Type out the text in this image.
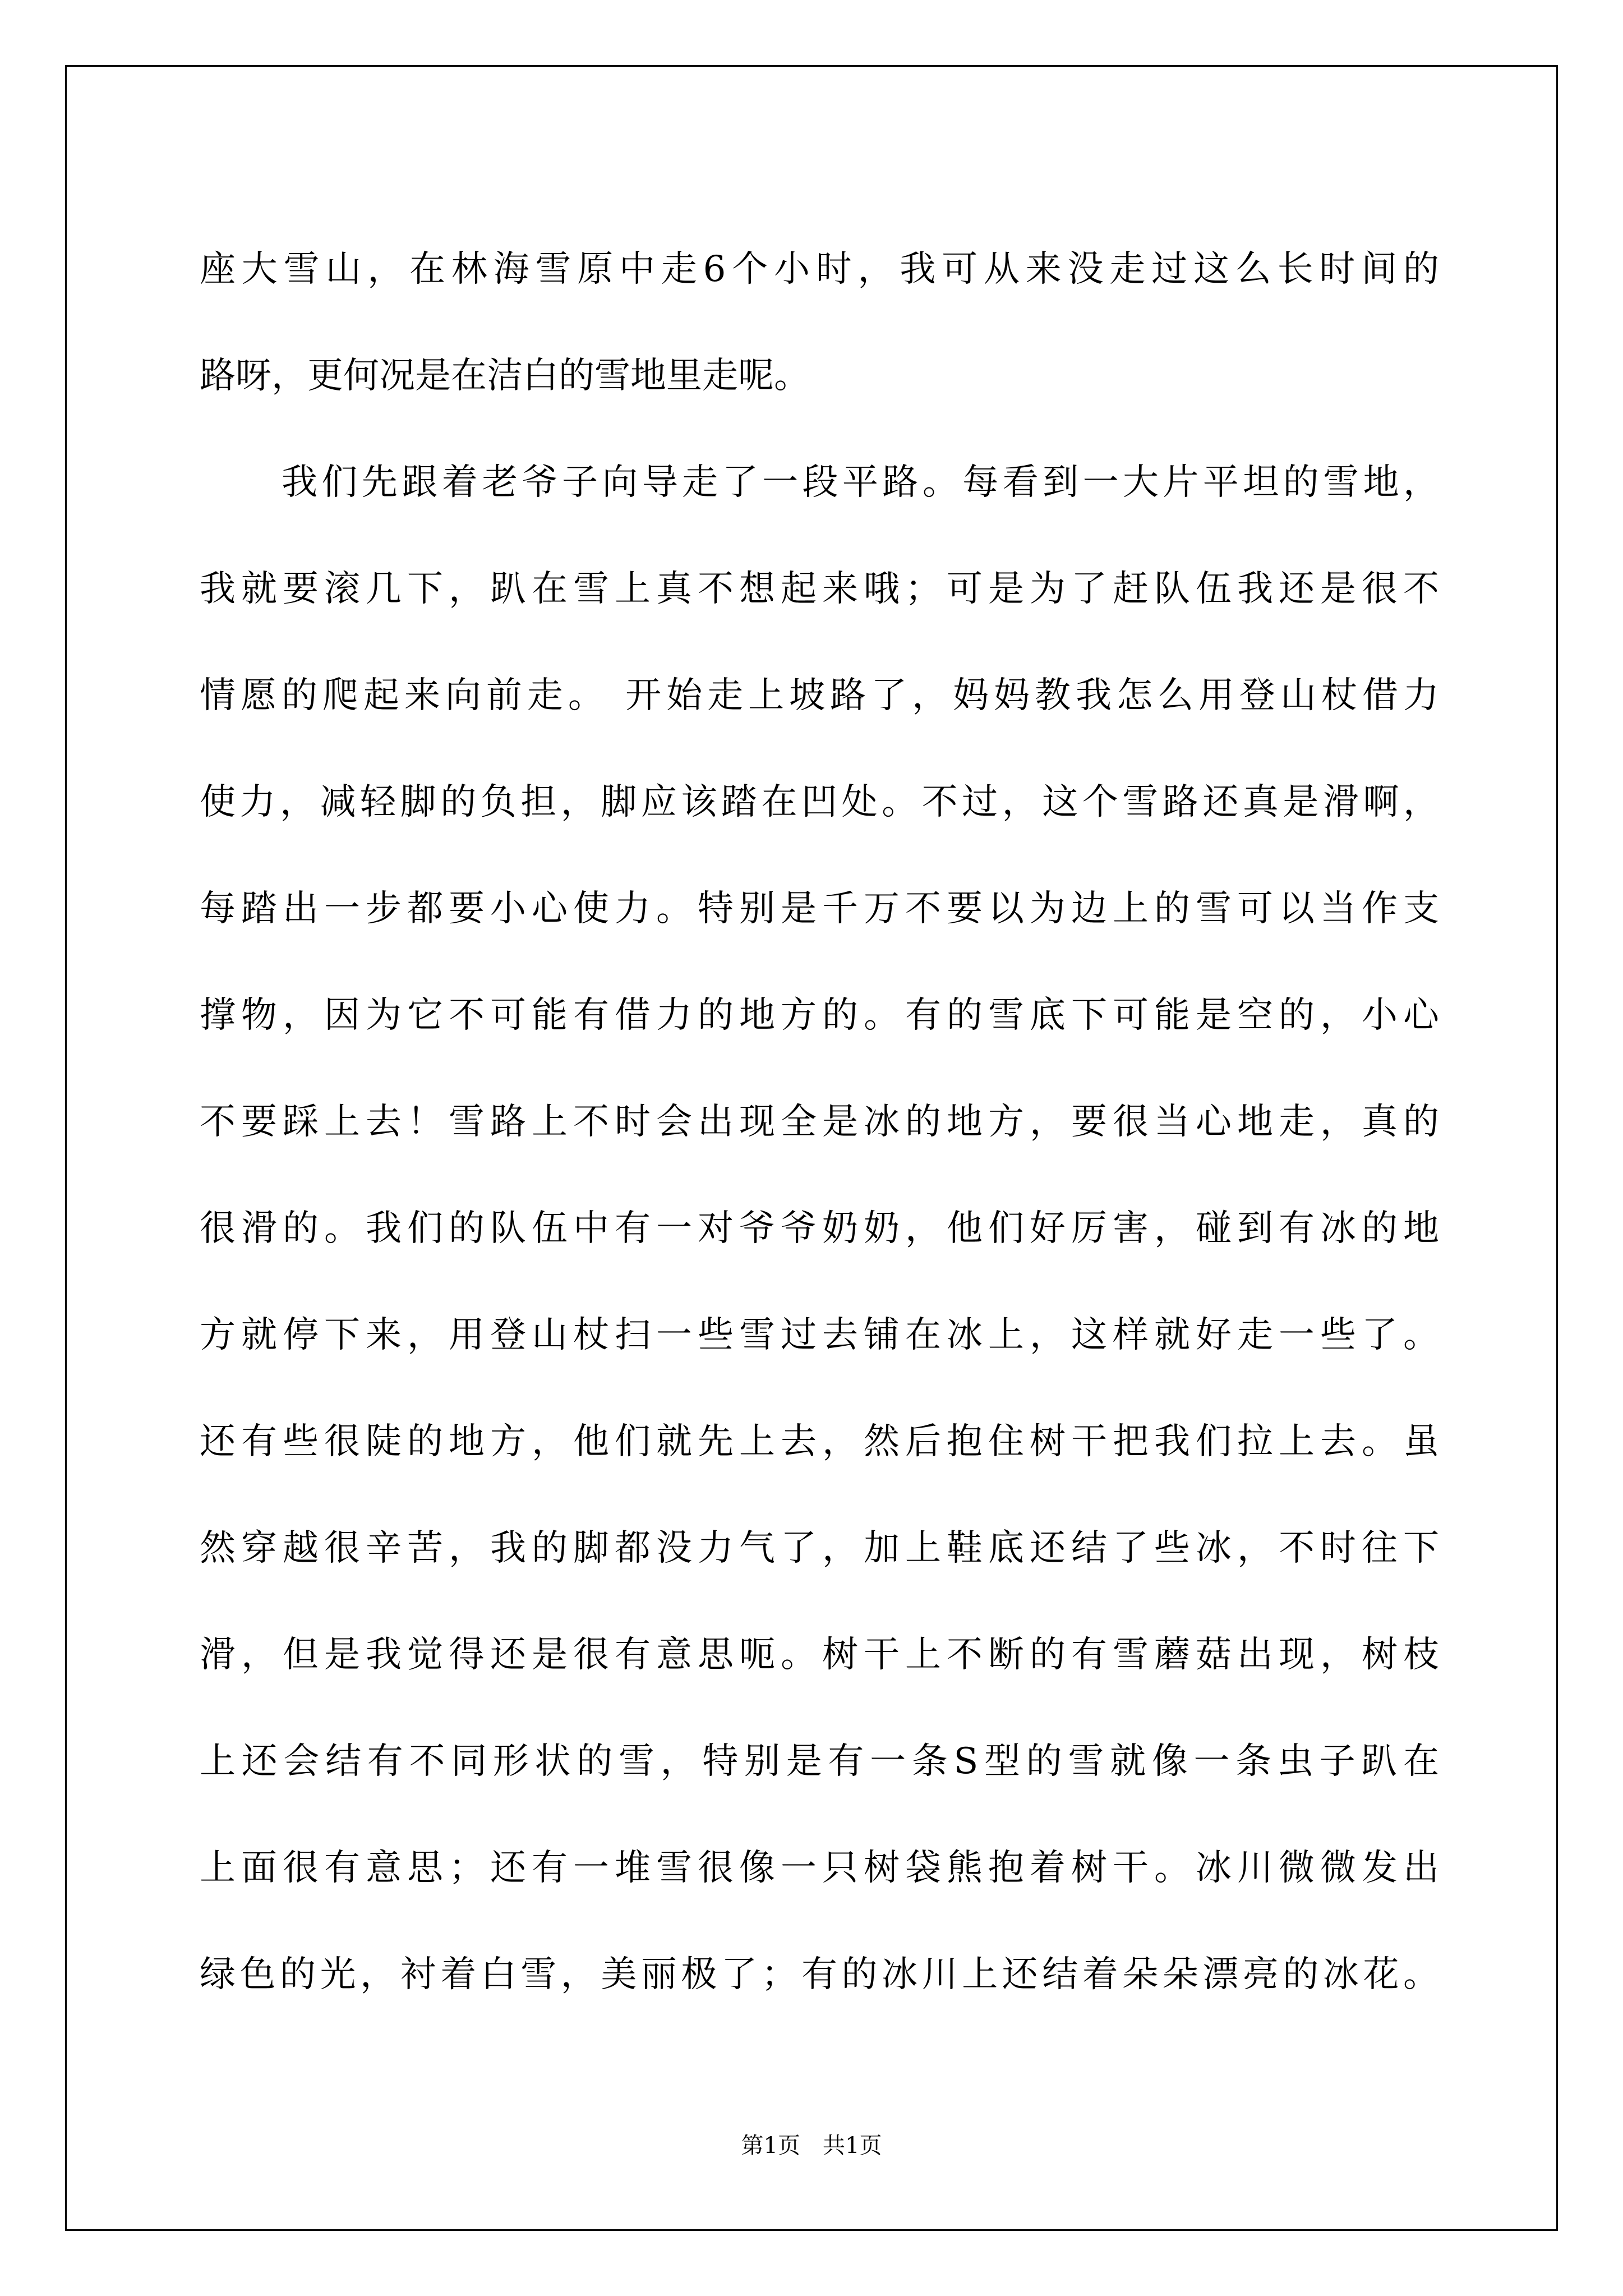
座大雪山，在林海雪原中走6个小时，我可从来没走过这么长时间的
路呀，更何况是在洁白的雪地里走呢。
我们先跟着老爷子向导走了一段平路。每看到一大片平坦的雪地，
我就要滚几下，趴在雪上真不想起来哦；可是为了赶队伍我还是很不
情愿的爬起来向前走。 开始走上坡路了，妈妈教我怎么用登山杖借力
使力，减轻脚的负担，脚应该踏在凹处。不过，这个雪路还真是滑啊，
每踏出一步都要小心使力。特别是千万不要以为边上的雪可以当作支
撑物，因为它不可能有借力的地方的。有的雪底下可能是空的，小心
不要踩上去！雪路上不时会出现全是冰的地方，要很当心地走，真的
很滑的。我们的队伍中有一对爷爷奶奶，他们好厉害，碰到有冰的地
方就停下来，用登山杖扫一些雪过去铺在冰上，这样就好走一些了。
还有些很陡的地方，他们就先上去，然后抱住树干把我们拉上去。虽
然穿越很辛苦，我的脚都没力气了，加上鞋底还结了些冰，不时往下
滑，但是我觉得还是很有意思呃。树干上不断的有雪蘑菇出现，树枝
上还会结有不同形状的雪，特别是有一条S型的雪就像一条虫子趴在
上面很有意思；还有一堆雪很像一只树袋熊抱着树干。冰川微微发出
绿色的光，衬着白雪，美丽极了；有的冰川上还结着朵朵漂亮的冰花。
第1页　共1页
